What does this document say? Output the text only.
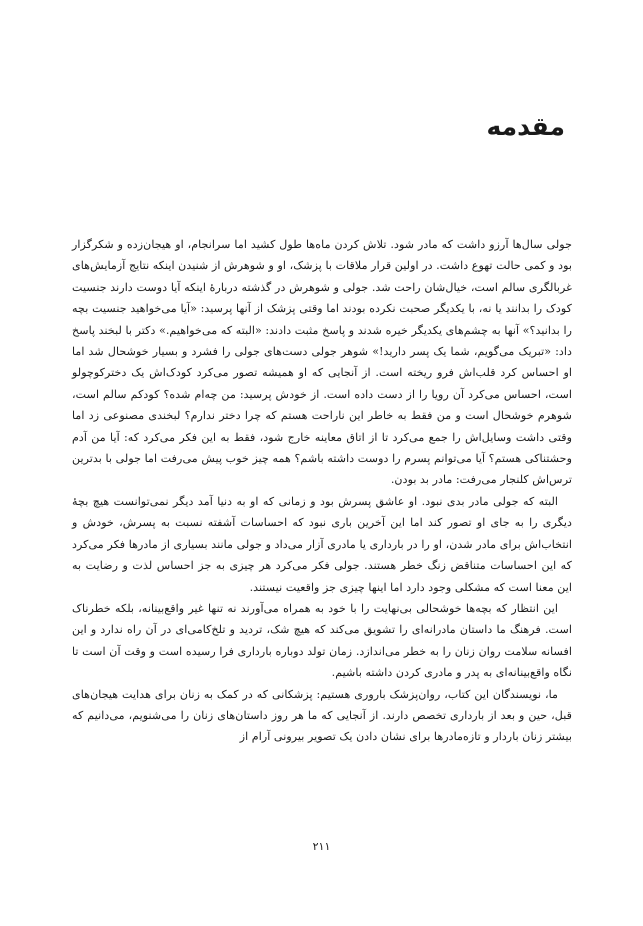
مقدمه

جولی سال‌ها آرزو داشت که مادر شود. تلاش کردن ماه‌ها طول کشید اما سرانجام، او هیجان‌زده و شکرگزار بود و کمی حالت تهوع داشت. در اولین قرار ملاقات با پزشک، او و شوهرش از شنیدن اینکه نتایج آزمایش‌های غربالگری سالم است، خیال‌شان راحت شد. جولی و شوهرش در گذشته دربارهٔ اینکه آیا دوست دارند جنسیت کودک را بدانند یا نه، با یکدیگر صحبت نکرده بودند اما وقتی پزشک از آنها پرسید: «آیا می‌خواهید جنسیت بچه را بدانید؟» آنها به چشم‌های یکدیگر خیره شدند و پاسخ مثبت دادند: «البته که می‌خواهیم.» دکتر با لبخند پاسخ داد: «تبریک می‌گویم، شما یک پسر دارید!» شوهر جولی دست‌های جولی را فشرد و بسیار خوشحال شد اما او احساس کرد قلب‌اش فرو ریخته است. از آنجایی که او همیشه تصور می‌کرد کودک‌اش یک دخترکوچولو است، احساس می‌کرد آن رویا را از دست داده است. از خودش پرسید: من چه‌ام شده؟ کودکم سالم است، شوهرم خوشحال است و من فقط به خاطر این ناراحت هستم که چرا دختر ندارم؟ لبخندی مصنوعی زد اما وقتی داشت وسایل‌اش را جمع می‌کرد تا از اتاق معاینه خارج شود، فقط به این فکر می‌کرد که: آیا من آدم وحشتناکی هستم؟ آیا می‌توانم پسرم را دوست داشته باشم؟ همه چیز خوب پیش می‌رفت اما جولی با بدترین ترس‌اش کلنجار می‌رفت: مادر بد بودن.

البته که جولی مادر بدی نبود. او عاشق پسرش بود و زمانی که او به دنیا آمد دیگر نمی‌توانست هیچ بچهٔ دیگری را به جای او تصور کند اما این آخرین باری نبود که احساسات آشفته نسبت به پسرش، خودش و انتخاب‌اش برای مادر شدن، او را در بارداری یا مادری آزار می‌داد و جولی مانند بسیاری از مادرها فکر می‌کرد که این احساسات متناقض زنگ خطر هستند. جولی فکر می‌کرد هر چیزی به جز احساس لذت و رضایت به این معنا است که مشکلی وجود دارد اما اینها چیزی جز واقعیت نیستند.

این انتظار که بچه‌ها خوشحالی بی‌نهایت را با خود به همراه می‌آورند نه تنها غیر واقع‌بینانه، بلکه خطرناک است. فرهنگ ما داستان مادرانه‌ای را تشویق می‌کند که هیچ شک، تردید و تلخ‌کامی‌ای در آن راه ندارد و این افسانه سلامت روان زنان را به خطر می‌اندازد. زمان تولد دوباره بارداری فرا رسیده است و وقت آن است تا نگاه واقع‌بینانه‌ای به پدر و مادری کردن داشته باشیم.

ما، نویسندگان این کتاب، روان‌پزشک باروری هستیم: پزشکانی که در کمک به زنان برای هدایت هیجان‌های قبل، حین و بعد از بارداری تخصص دارند. از آنجایی که ما هر روز داستان‌های زنان را می‌شنویم، می‌دانیم که بیشتر زنان باردار و تازه‌مادرها برای نشان دادن یک تصویر بیرونی آرام از

۲۱۱
